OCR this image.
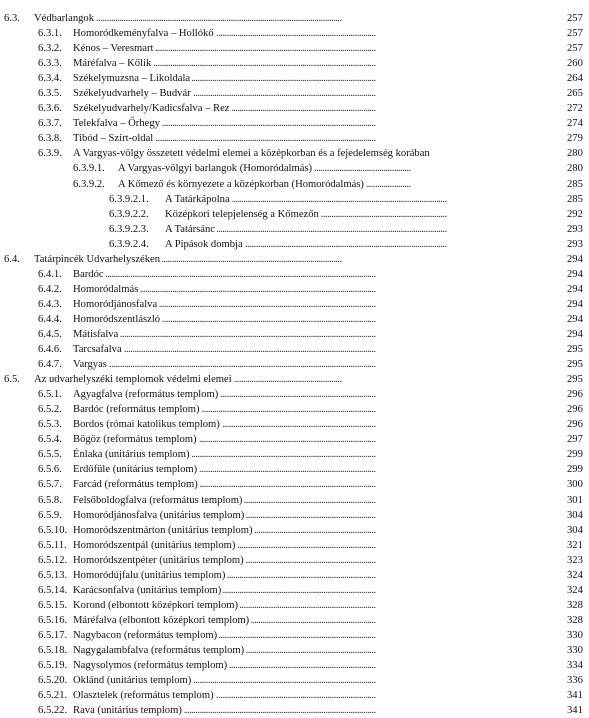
. . .
6.3. Védbarlangok	257
. . .
6.3.1. Homoródkeményfalva – Hollókő	257
. . .
6.3.2. Kénos – Veresmart	257
. . .
6.3.3. Máréfalva – Kőlik	260
. . .
6.3.4. Székelymuzsna – Likoldala	264
. . .
6.3.5. Székelyudvarhely – Budvár	265
. . .
6.3.6. Székelyudvarhely/Kadicsfalva – Rez	272
. . .
6.3.7. Telekfalva – Őrhegy	274
. . .
6.3.8. Tibód – Szirt-oldal	279
. . .
6.3.9. A Vargyas-völgy összetett védelmi elemei a középkorban és a fejedelemség korában	280
. . .
6.3.9.1. A Vargyas-völgyi barlangok (Homoródalmás)	280
. . .
6.3.9.2. A Kőmező és környezete a középkorban (Homoródalmás)	285
. . .
6.3.9.2.1. A Tatárkápolna	285
. . .
6.3.9.2.2. Középkori telepjelenség a Kőmezőn	292
. . .
6.3.9.2.3. A Tatársánc	293
. . .
6.3.9.2.4. A Pipások dombja	293
. . .
6.4. Tatárpincék Udvarhelyszéken	294
. . .
6.4.1. Bardóc	294
. . .
6.4.2. Homoródalmás	294
. . .
6.4.3. Homoródjánosfalva	294
. . .
6.4.4. Homoródszentlászló	294
. . .
6.4.5. Mátisfalva	294
. . .
6.4.6. Tarcsafalva	295
. . .
6.4.7. Vargyas	295
. . .
6.5. Az udvarhelyszéki templomok védelmi elemei	295
. . .
6.5.1. Agyagfalva (református templom)	296
. . .
6.5.2. Bardóc (református templom)	296
. . .
6.5.3. Bordos (római katolikus templom)	296
. . .
6.5.4. Bögöz (református templom)	297
. . .
6.5.5. Énlaka (unitárius templom)	299
. . .
6.5.6. Erdőfüle (unitárius templom)	299
. . .
6.5.7. Farcád (református templom)	300
. . .
6.5.8. Felsőboldogfalva (református templom)	301
. . .
6.5.9. Homoródjánosfalva (unitárius templom)	304
. . .
6.5.10. Homoródszentmárton (unitárius templom)	304
. . .
6.5.11. Homoródszentpál (unitárius templom)	321
. . .
6.5.12. Homoródszentpéter (unitárius templom)	323
. . .
6.5.13. Homoródújfalu (unitárius templom)	324
. . .
6.5.14. Karácsonfalva (unitárius templom)	324
. . .
6.5.15. Korond (elbontott középkori templom)	328
. . .
6.5.16. Máréfalva (elbontott középkori templom)	328
. . .
6.5.17. Nagybacon (református templom)	330
. . .
6.5.18. Nagygalambfalva (református templom)	330
. . .
6.5.19. Nagysolymos (református templom)	334
. . .
6.5.20. Oklánd (unitárius templom)	336
. . .
6.5.21. Olasztelek (református templom)	341
. . .
6.5.22. Rava (unitárius templom)	341
